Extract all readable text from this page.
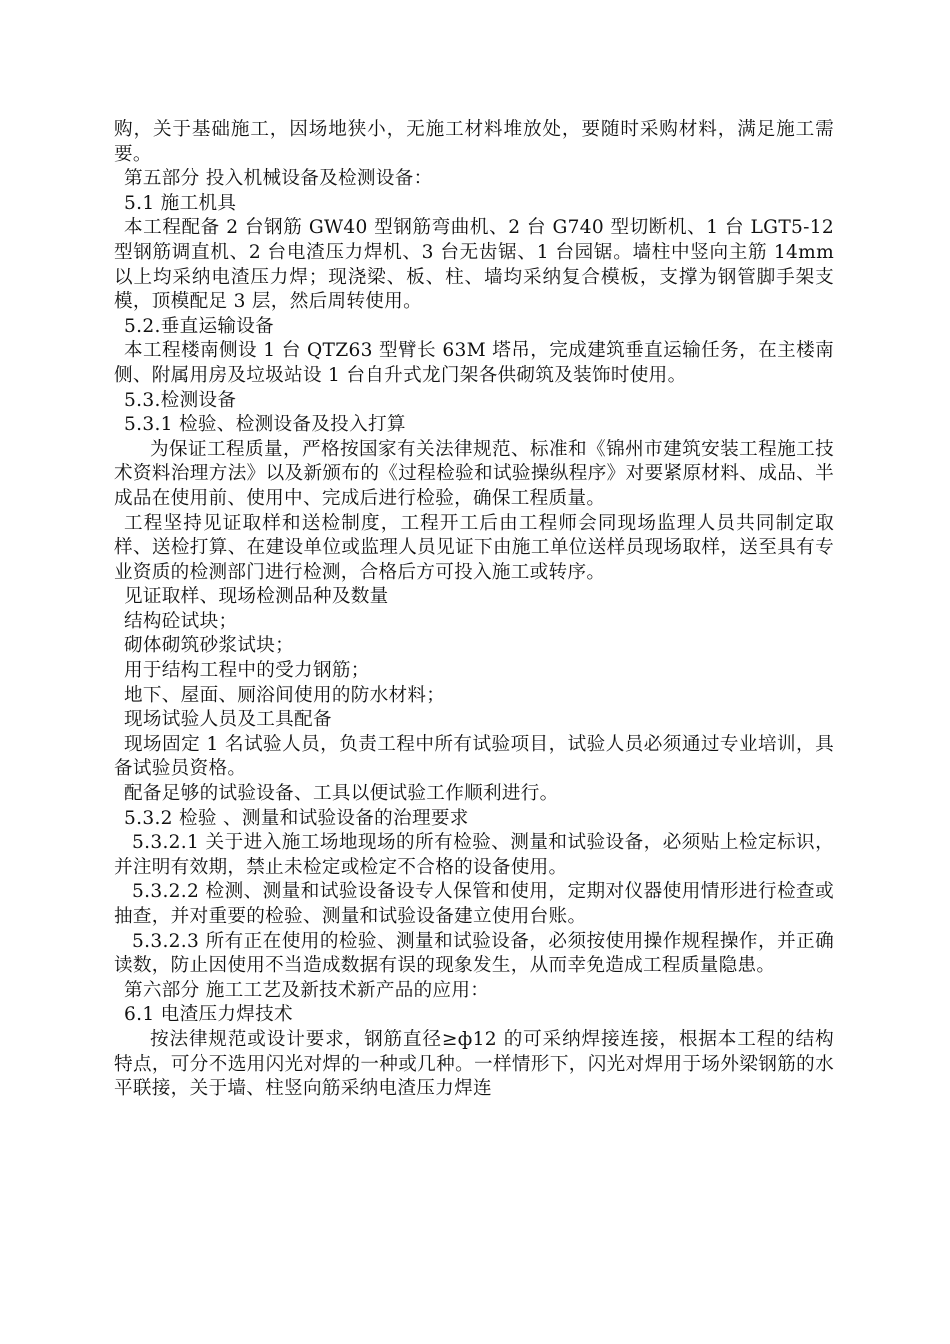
购，关于基础施工，因场地狭小，无施工材料堆放处，要随时采购材料，满足施工需要。

第五部分 投入机械设备及检测设备：

5.1 施工机具

本工程配备 2 台钢筋 GW40 型钢筋弯曲机、2 台 G740 型切断机、1 台 LGT5-12 型钢筋调直机、2 台电渣压力焊机、3 台无齿锯、1 台园锯。墙柱中竖向主筋 14mm 以上均采纳电渣压力焊；现浇梁、板、柱、墙均采纳复合模板，支撑为钢管脚手架支模，顶模配足 3 层，然后周转使用。

5.2.垂直运输设备

本工程楼南侧设 1 台 QTZ63 型臂长 63M 塔吊，完成建筑垂直运输任务，在主楼南侧、附属用房及垃圾站设 1 台自升式龙门架各供砌筑及装饰时使用。

5.3.检测设备

5.3.1 检验、检测设备及投入打算

为保证工程质量，严格按国家有关法律规范、标准和《锦州市建筑安装工程施工技术资料治理方法》以及新颁布的《过程检验和试验操纵程序》对要紧原材料、成品、半成品在使用前、使用中、完成后进行检验，确保工程质量。

工程坚持见证取样和送检制度，工程开工后由工程师会同现场监理人员共同制定取样、送检打算、在建设单位或监理人员见证下由施工单位送样员现场取样，送至具有专业资质的检测部门进行检测，合格后方可投入施工或转序。

见证取样、现场检测品种及数量

结构砼试块；

砌体砌筑砂浆试块；

用于结构工程中的受力钢筋；

地下、屋面、厕浴间使用的防水材料；

现场试验人员及工具配备

现场固定 1 名试验人员，负责工程中所有试验项目，试验人员必须通过专业培训，具备试验员资格。

配备足够的试验设备、工具以便试验工作顺利进行。

5.3.2 检验 、测量和试验设备的治理要求

5.3.2.1 关于进入施工场地现场的所有检验、测量和试验设备，必须贴上检定标识，并注明有效期，禁止未检定或检定不合格的设备使用。

5.3.2.2 检测、测量和试验设备设专人保管和使用，定期对仪器使用情形进行检查或抽查，并对重要的检验、测量和试验设备建立使用台账。

5.3.2.3 所有正在使用的检验、测量和试验设备，必须按使用操作规程操作，并正确读数，防止因使用不当造成数据有误的现象发生，从而幸免造成工程质量隐患。

第六部分 施工工艺及新技术新产品的应用：

6.1 电渣压力焊技术

按法律规范或设计要求，钢筋直径≥ф12 的可采纳焊接连接，根据本工程的结构特点，可分不选用闪光对焊的一种或几种。一样情形下，闪光对焊用于场外梁钢筋的水平联接，关于墙、柱竖向筋采纳电渣压力焊连
